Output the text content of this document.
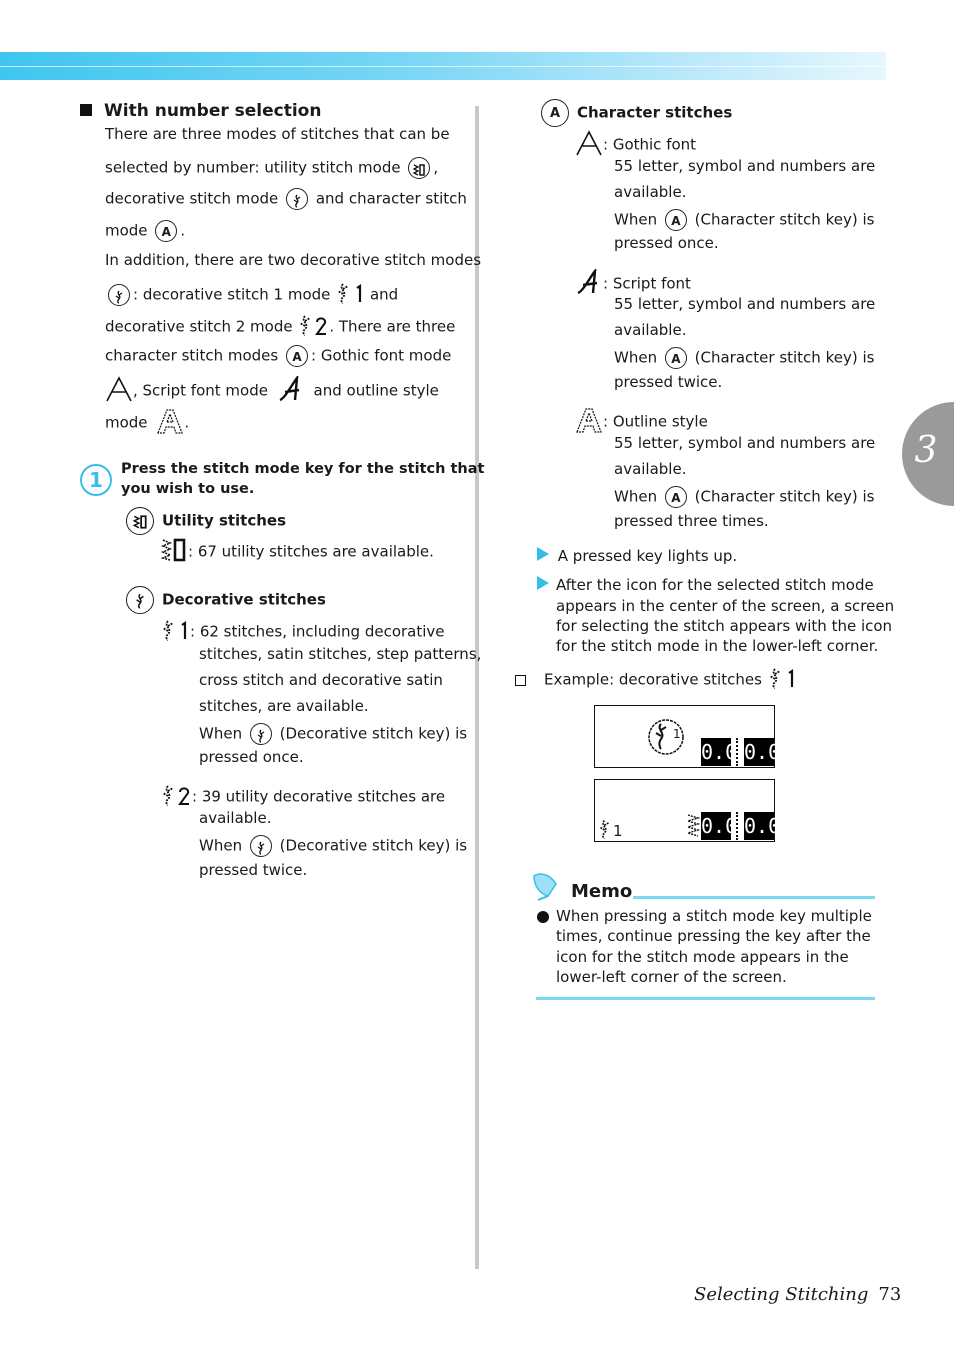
3
With number selection
There are three modes of stitches that can be
selected by number: utility stitch mode ,
decorative stitch mode	and character stitch
mode A .
In addition, there are two decorative stitch modes
: decorative stitch 1 mode	and
decorative stitch 2 mode . There are three
character stitch modes A : Gothic font mode
, Script font mode	and outline style
mode .
1	Press the stitch mode key for the stitch that
you wish to use.
Utility stitches
: 67 utility stitches are available.
Decorative stitches
: 62 stitches, including decorative
stitches, satin stitches, step patterns,
cross stitch and decorative satin
stitches, are available.
When	(Decorative stitch key) is
pressed once.
: 39 utility decorative stitches are
available.
When	(Decorative stitch key) is
pressed twice.
A Character stitches
: Gothic font
55 letter, symbol and numbers are
available.
When A (Character stitch key) is
pressed once.
: Script font
55 letter, symbol and numbers are
available.
When A (Character stitch key) is
pressed twice.
: Outline style
55 letter, symbol and numbers are
available.
When A (Character stitch key) is
pressed three times.
A pressed key lights up.
After the icon for the selected stitch mode
appears in the center of the screen, a screen
for selecting the stitch appears with the icon
for the stitch mode in the lower-left corner.
Example: decorative stitches
1
0.0 0.0
1	0.0 0.0
Memo
When pressing a stitch mode key multiple
times, continue pressing the key after the
icon for the stitch mode appears in the
lower-left corner of the screen.
Selecting Stitching 73
